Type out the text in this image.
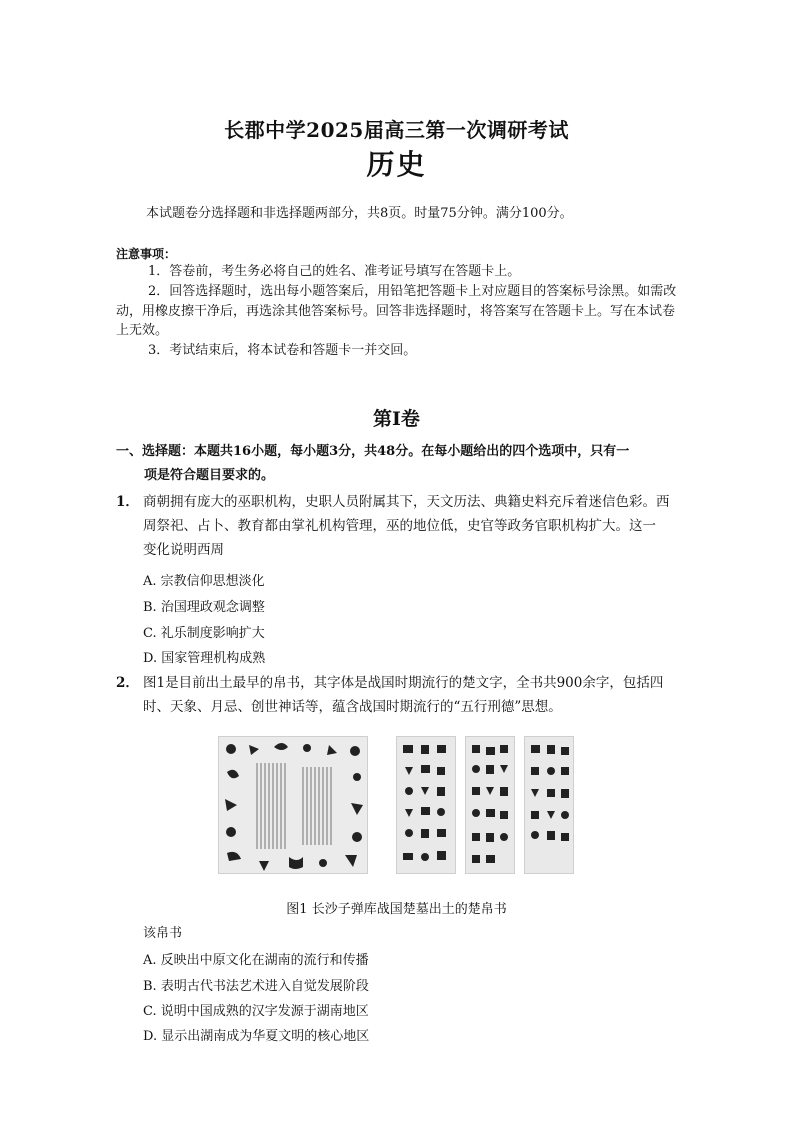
长郡中学2025届高三第一次调研考试
历史
本试题卷分选择题和非选择题两部分，共8页。时量75分钟。满分100分。
注意事项：
1．答卷前，考生务必将自己的姓名、准考证号填写在答题卡上。
2．回答选择题时，选出每小题答案后，用铅笔把答题卡上对应题目的答案标号涂黑。如需改动，用橡皮擦干净后，再选涂其他答案标号。回答非选择题时，将答案写在答题卡上。写在本试卷上无效。
3．考试结束后，将本试卷和答题卡一并交回。
第I卷
一、选择题：本题共16小题，每小题3分，共48分。在每小题给出的四个选项中，只有一
项是符合题目要求的。
1． 商朝拥有庞大的巫职机构，史职人员附属其下，天文历法、典籍史料充斥着迷信色彩。西
周祭祀、占卜、教育都由掌礼机构管理，巫的地位低，史官等政务官职机构扩大。这一
变化说明西周
A. 宗教信仰思想淡化
B. 治国理政观念调整
C. 礼乐制度影响扩大
D. 国家管理机构成熟
2． 图1是目前出土最早的帛书，其字体是战国时期流行的楚文字，全书共900余字，包括四
时、天象、月忌、创世神话等，蕴含战国时期流行的“五行刑德”思想。
图1 长沙子弹库战国楚墓出土的楚帛书
该帛书
A. 反映出中原文化在湖南的流行和传播
B. 表明古代书法艺术进入自觉发展阶段
C. 说明中国成熟的汉字发源于湖南地区
D. 显示出湖南成为华夏文明的核心地区
